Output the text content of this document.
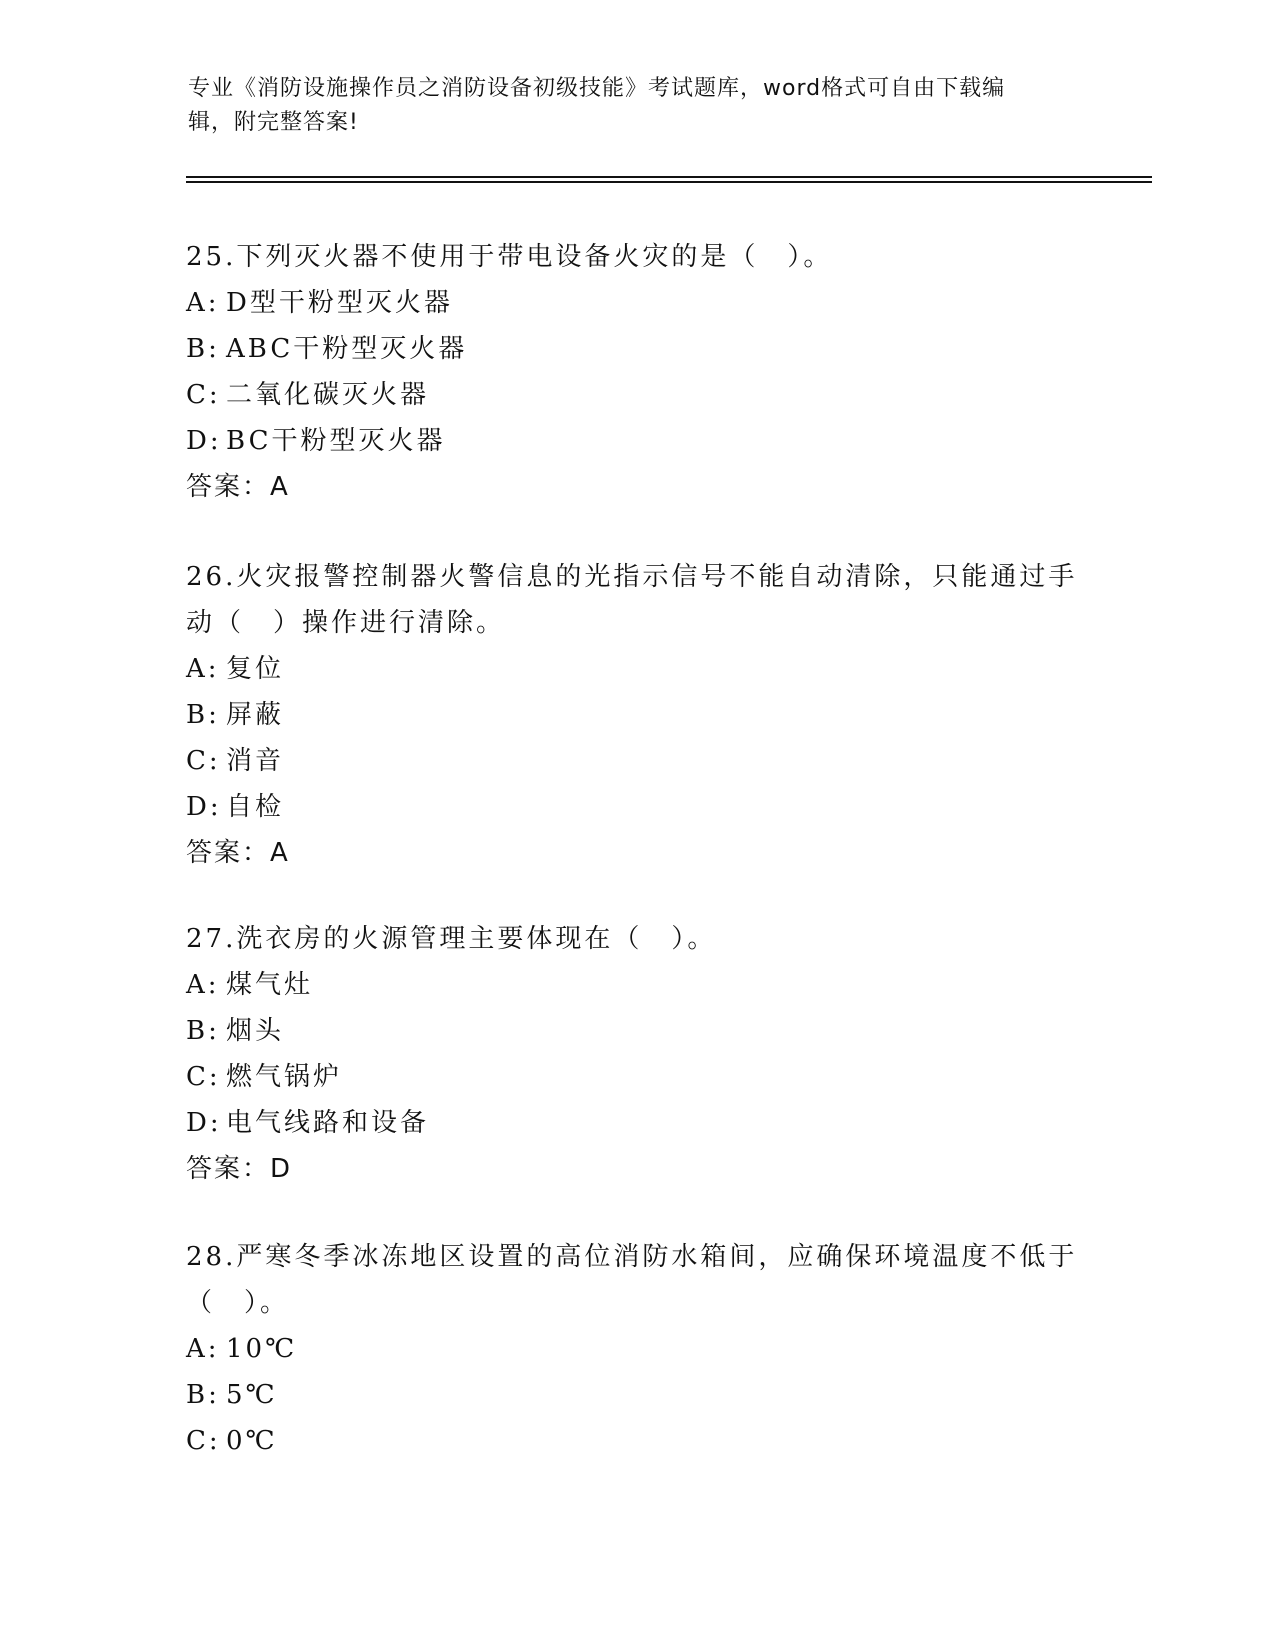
专业《消防设施操作员之消防设备初级技能》考试题库，word格式可自由下载编
辑，附完整答案!
25.下列灭火器不使用于带电设备火灾的是（　）。
A: D型干粉型灭火器
B: ABC干粉型灭火器
C: 二氧化碳灭火器
D: BC干粉型灭火器
答案：A
26.火灾报警控制器火警信息的光指示信号不能自动清除，只能通过手动（　）操作进行清除。
A: 复位
B: 屏蔽
C: 消音
D: 自检
答案：A
27.洗衣房的火源管理主要体现在（　）。
A: 煤气灶
B: 烟头
C: 燃气锅炉
D: 电气线路和设备
答案：D
28.严寒冬季冰冻地区设置的高位消防水箱间，应确保环境温度不低于（　）。
A: 10℃
B: 5℃
C: 0℃
